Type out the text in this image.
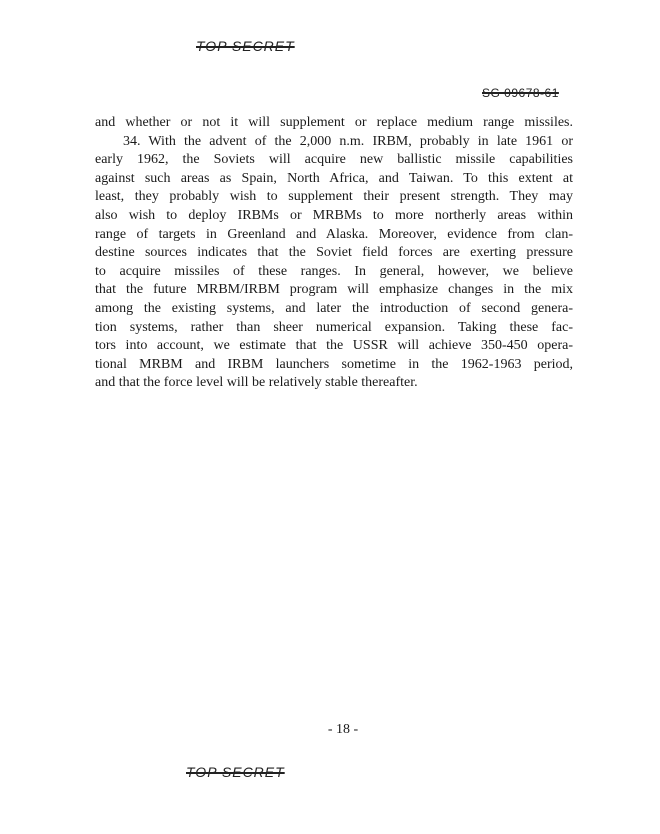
TOP SECRET
SG 09678-61
and whether or not it will supplement or replace medium range missiles.
34. With the advent of the 2,000 n.m. IRBM, probably in late 1961 or
early 1962, the Soviets will acquire new ballistic missile capabilities
against such areas as Spain, North Africa, and Taiwan. To this extent at
least, they probably wish to supplement their present strength. They may
also wish to deploy IRBMs or MRBMs to more northerly areas within
range of targets in Greenland and Alaska. Moreover, evidence from clan-
destine sources indicates that the Soviet field forces are exerting pressure
to acquire missiles of these ranges. In general, however, we believe
that the future MRBM/IRBM program will emphasize changes in the mix
among the existing systems, and later the introduction of second genera-
tion systems, rather than sheer numerical expansion. Taking these fac-
tors into account, we estimate that the USSR will achieve 350-450 opera-
tional MRBM and IRBM launchers sometime in the 1962-1963 period,
and that the force level will be relatively stable thereafter.
- 18 -
TOP SECRET
